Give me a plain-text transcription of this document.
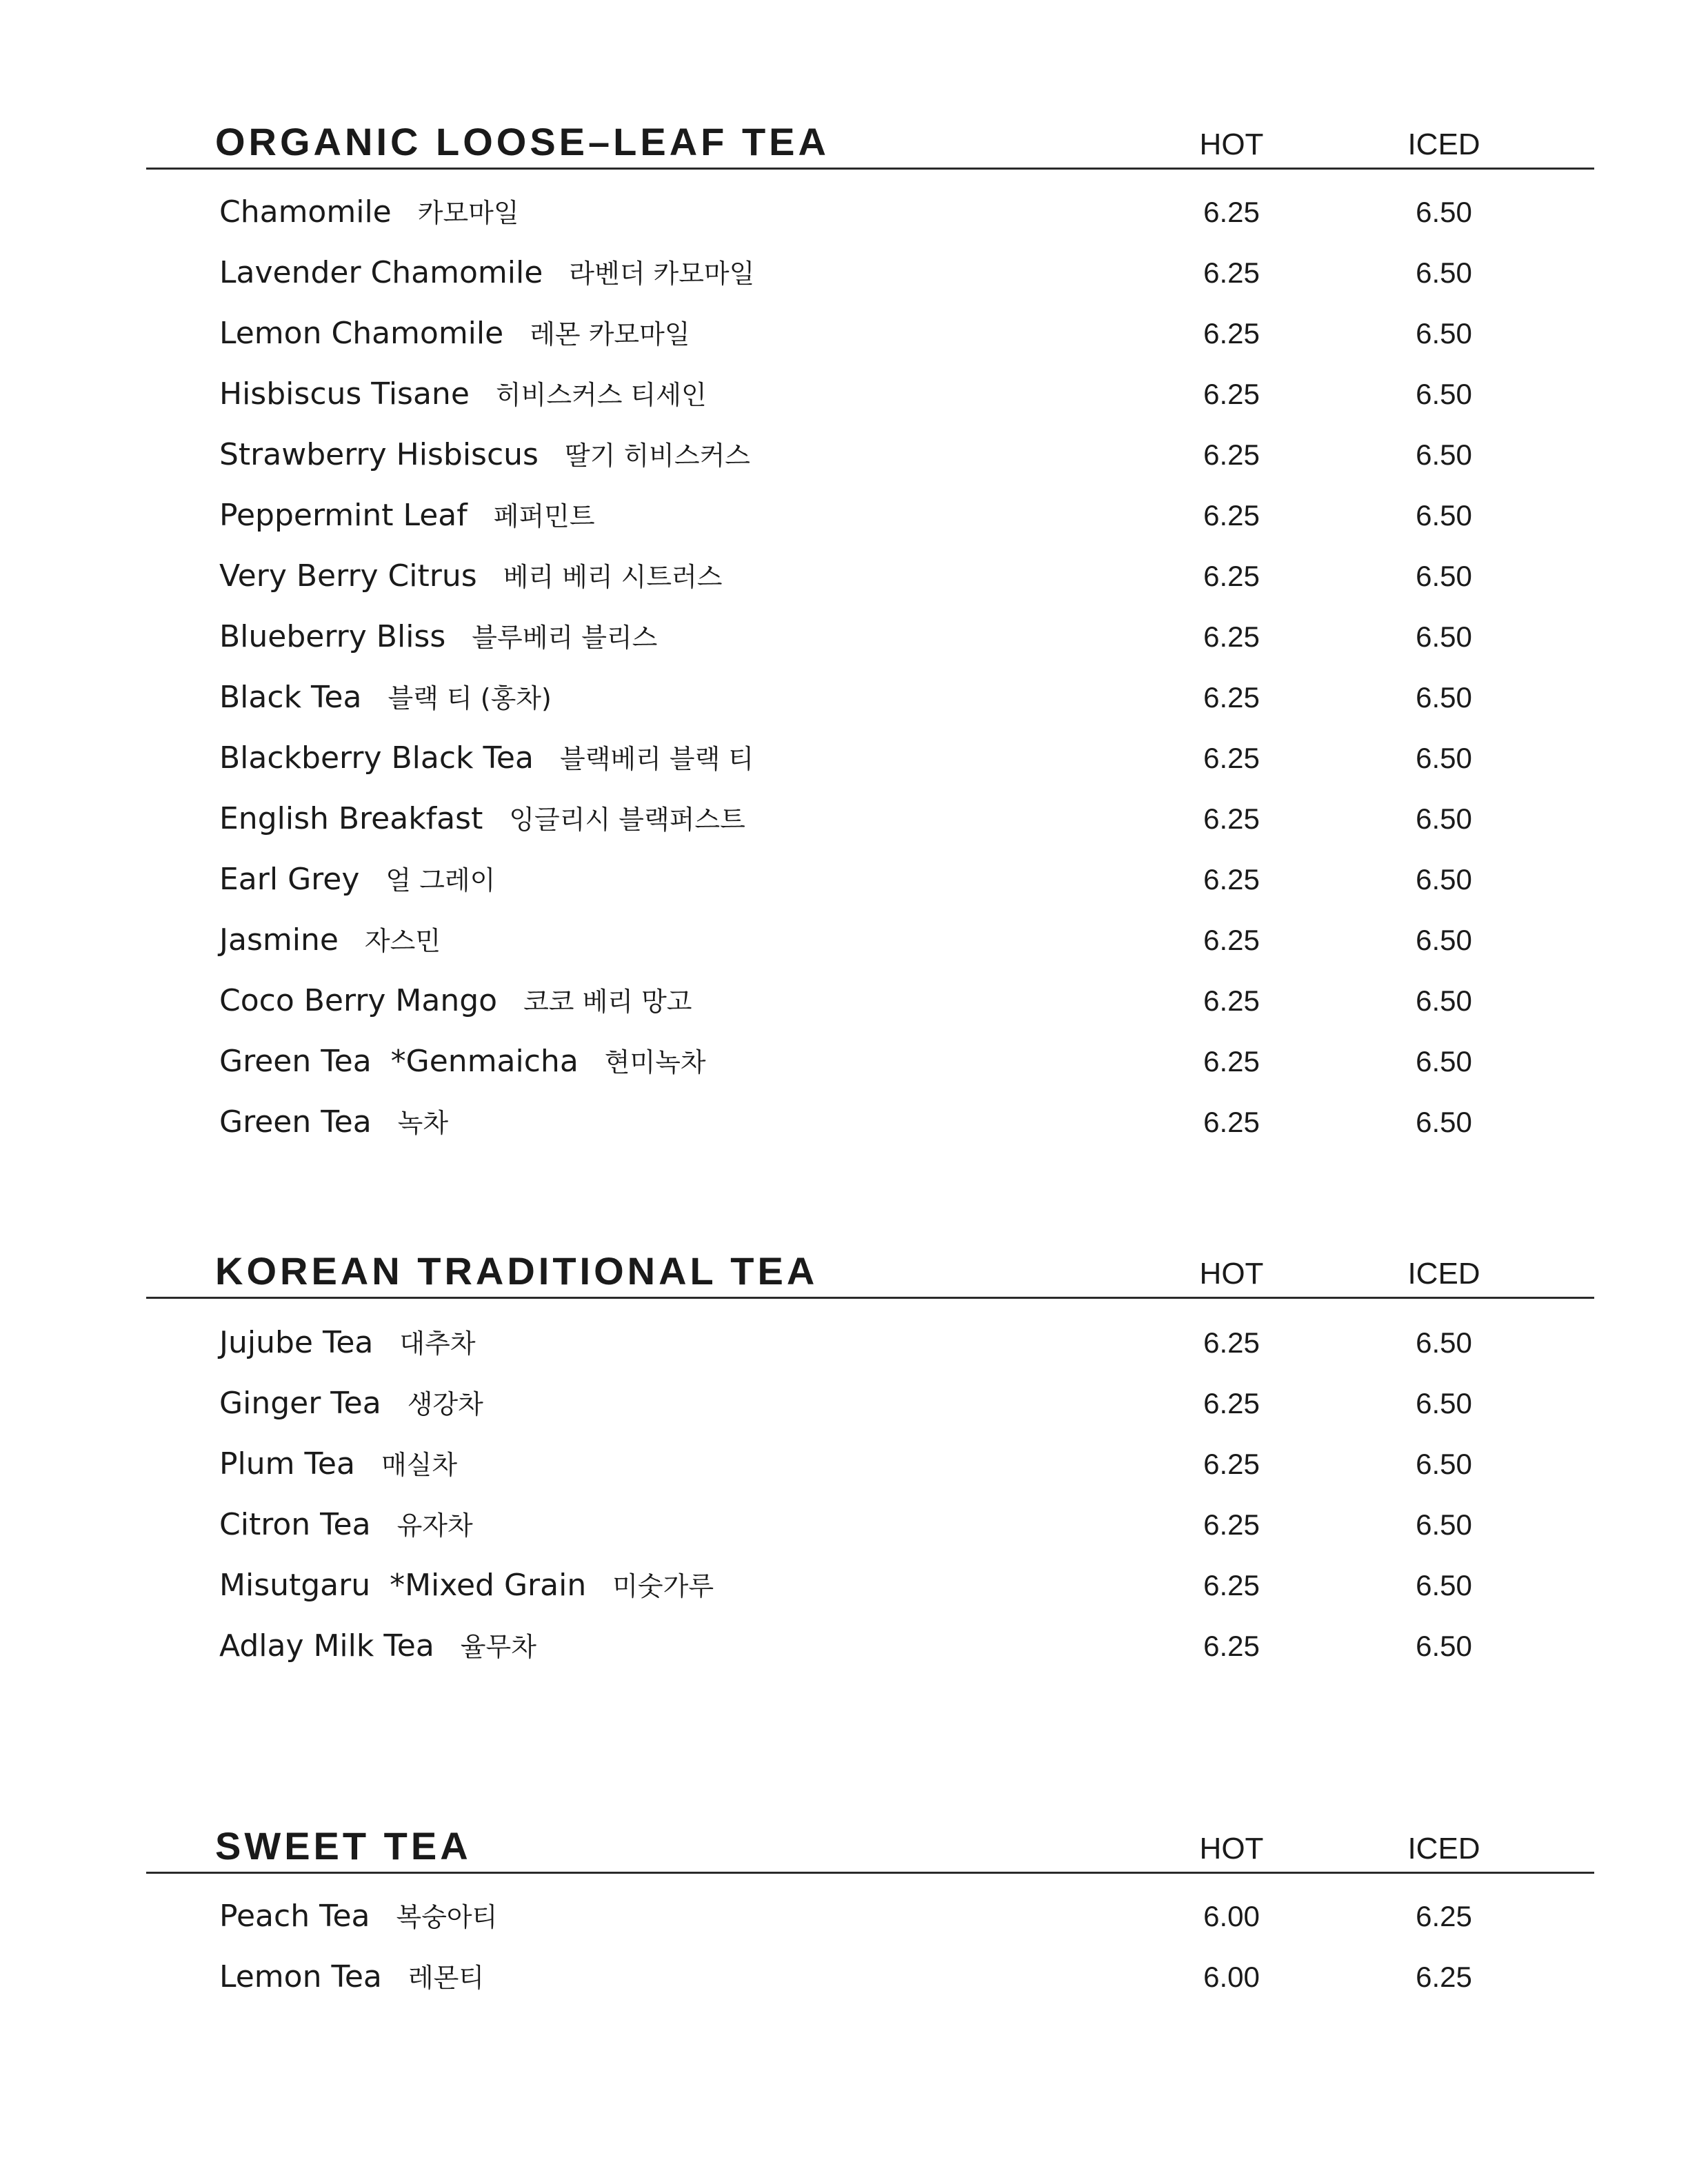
ORGANIC LOOSE–LEAF TEA	HOT	ICED
Chamomile 카모마일	6.25	6.50
Lavender Chamomile 라벤더 카모마일	6.25	6.50
Lemon Chamomile 레몬 카모마일	6.25	6.50
Hisbiscus Tisane 히비스커스 티세인	6.25	6.50
Strawberry Hisbiscus 딸기 히비스커스	6.25	6.50
Peppermint Leaf 페퍼민트	6.25	6.50
Very Berry Citrus 베리 베리 시트러스	6.25	6.50
Blueberry Bliss 블루베리 블리스	6.25	6.50
Black Tea 블랙 티 (홍차)	6.25	6.50
Blackberry Black Tea 블랙베리 블랙 티	6.25	6.50
English Breakfast 잉글리시 블랙퍼스트	6.25	6.50
Earl Grey 얼 그레이	6.25	6.50
Jasmine 자스민	6.25	6.50
Coco Berry Mango 코코 베리 망고	6.25	6.50
Green Tea  *Genmaicha 현미녹차	6.25	6.50
Green Tea 녹차	6.25	6.50
KOREAN TRADITIONAL TEA	HOT	ICED
Jujube Tea 대추차	6.25	6.50
Ginger Tea 생강차	6.25	6.50
Plum Tea 매실차	6.25	6.50
Citron Tea 유자차	6.25	6.50
Misutgaru  *Mixed Grain 미숫가루	6.25	6.50
Adlay Milk Tea 율무차	6.25	6.50
SWEET TEA	HOT	ICED
Peach Tea 복숭아티	6.00	6.25
Lemon Tea 레몬티	6.00	6.25
